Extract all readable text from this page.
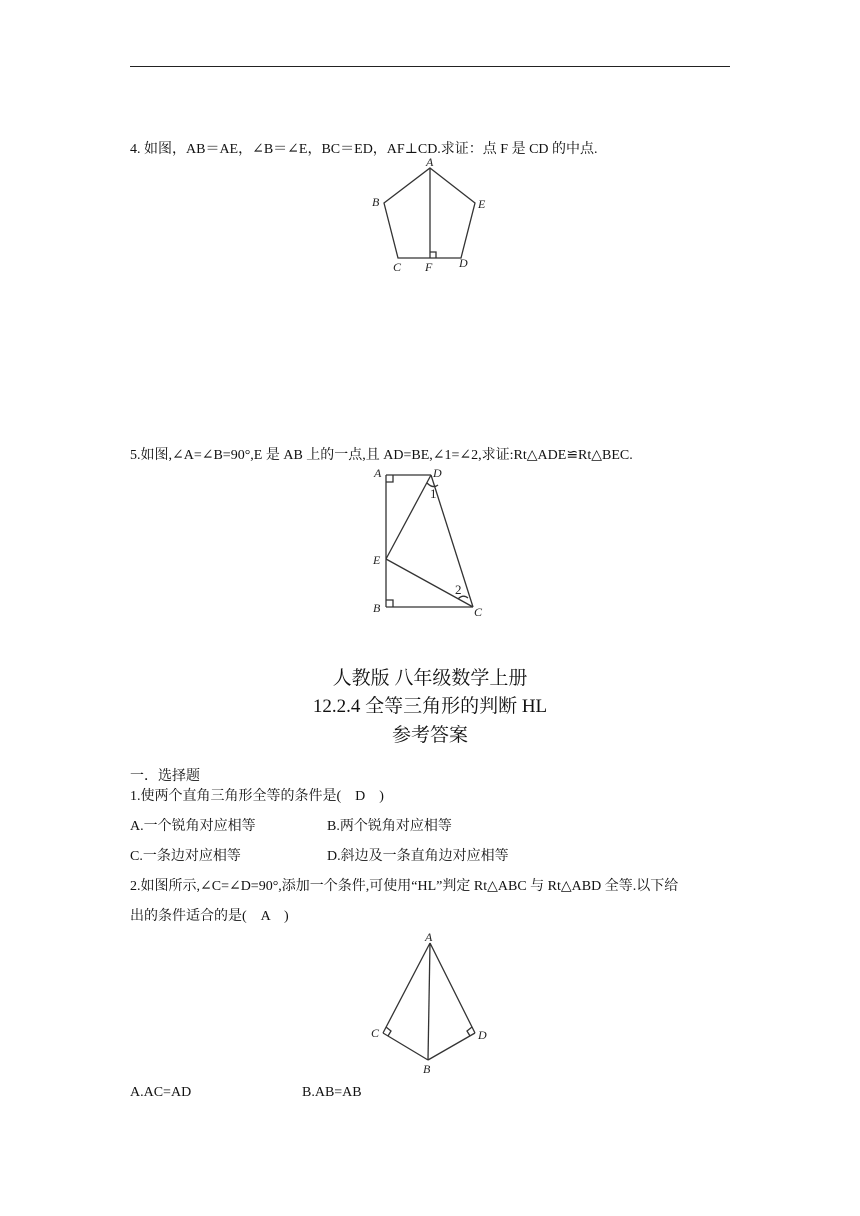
4. 如图，AB＝AE，∠B＝∠E，BC＝ED，AF⊥CD.求证：点 F 是 CD 的中点.
A
B	E
C F D
5.如图,∠A=∠B=90°,E 是 AB 上的一点,且 AD=BE,∠1=∠2,求证:Rt△ADE≌Rt△BEC.
A	D
E
B	C
1
2
人教版 八年级数学上册
12.2.4 全等三角形的判断 HL
参考答案
一．选择题
1.使两个直角三角形全等的条件是(　D　)
A.一个锐角对应相等	B.两个锐角对应相等
C.一条边对应相等	D.斜边及一条直角边对应相等
2.如图所示,∠C=∠D=90°,添加一个条件,可使用“HL”判定 Rt△ABC 与 Rt△ABD 全等.以下给
出的条件适合的是(　A　)
A
C	D
B
A.AC=AD	B.AB=AB
